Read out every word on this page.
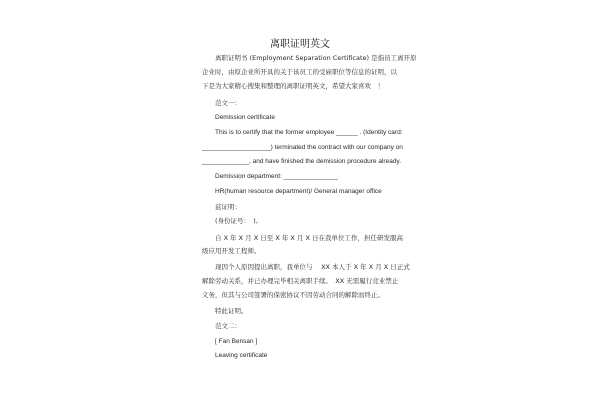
离职证明英文
离职证明书 (Employment Separation Certificate) 是指员工离开原
企业时，由原企业所开具的关于该员工的受雇职位等信息的证明，以
下是为大家精心搜集和整理的离职证明英文，希望大家喜欢　！
范文一：
Demission certificate
This is to certify that the former employee ______ . (Identity card:
___________________) terminated the contract with our company on
_____________, and have finished the demission procedure already.
Demission department: _______________
HR(human resource department)/ General manager office
兹证明：
(身份证号：　),
自 X 年 X 月 X 日至 X 年 X 月 X 日在我单位工作，担任研发服高
级应用开发工程师。
现因个人原因提出离职，我单位与　 XX 本人于 X 年 X 月 X 日正式
解除劳动关系，并已办理完毕相关离职手续。　XX 无需履行竞业禁止
义务，但其与公司签署的保密协议不因劳动合同的解除而终止。
特此证明。
范文二：
[ Fan Bensan ]
Leaving certificate
